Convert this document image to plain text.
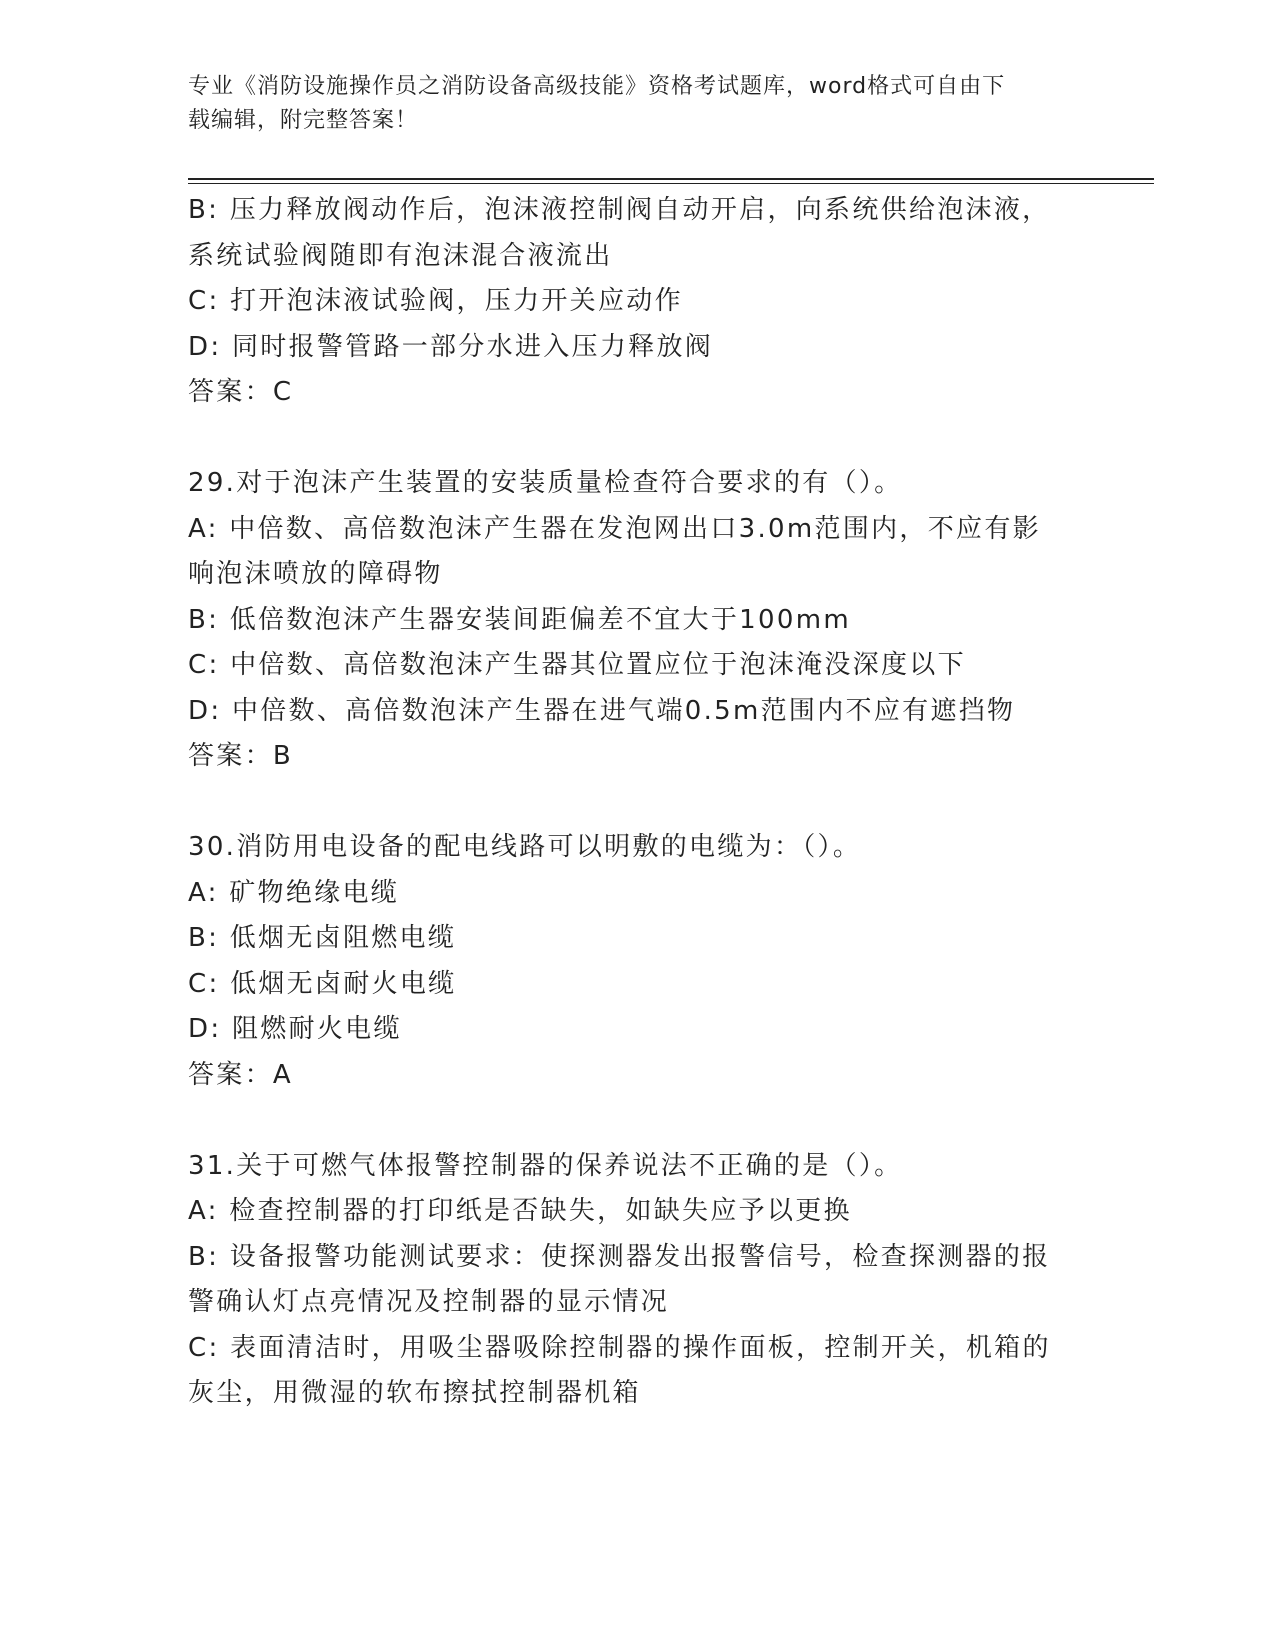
专业《消防设施操作员之消防设备高级技能》资格考试题库，word格式可自由下
载编辑，附完整答案！
B: 压力释放阀动作后，泡沫液控制阀自动开启，向系统供给泡沫液，
系统试验阀随即有泡沫混合液流出
C: 打开泡沫液试验阀，压力开关应动作
D: 同时报警管路一部分水进入压力释放阀
答案：C
29.对于泡沫产生装置的安装质量检查符合要求的有（）。
A: 中倍数、高倍数泡沫产生器在发泡网出口3.0m范围内，不应有影
响泡沫喷放的障碍物
B: 低倍数泡沫产生器安装间距偏差不宜大于100mm
C: 中倍数、高倍数泡沫产生器其位置应位于泡沫淹没深度以下
D: 中倍数、高倍数泡沫产生器在进气端0.5m范围内不应有遮挡物
答案：B
30.消防用电设备的配电线路可以明敷的电缆为：（）。
A: 矿物绝缘电缆
B: 低烟无卤阻燃电缆
C: 低烟无卤耐火电缆
D: 阻燃耐火电缆
答案：A
31.关于可燃气体报警控制器的保养说法不正确的是（）。
A: 检查控制器的打印纸是否缺失，如缺失应予以更换
B: 设备报警功能测试要求：使探测器发出报警信号，检查探测器的报
警确认灯点亮情况及控制器的显示情况
C: 表面清洁时，用吸尘器吸除控制器的操作面板，控制开关，机箱的
灰尘，用微湿的软布擦拭控制器机箱
